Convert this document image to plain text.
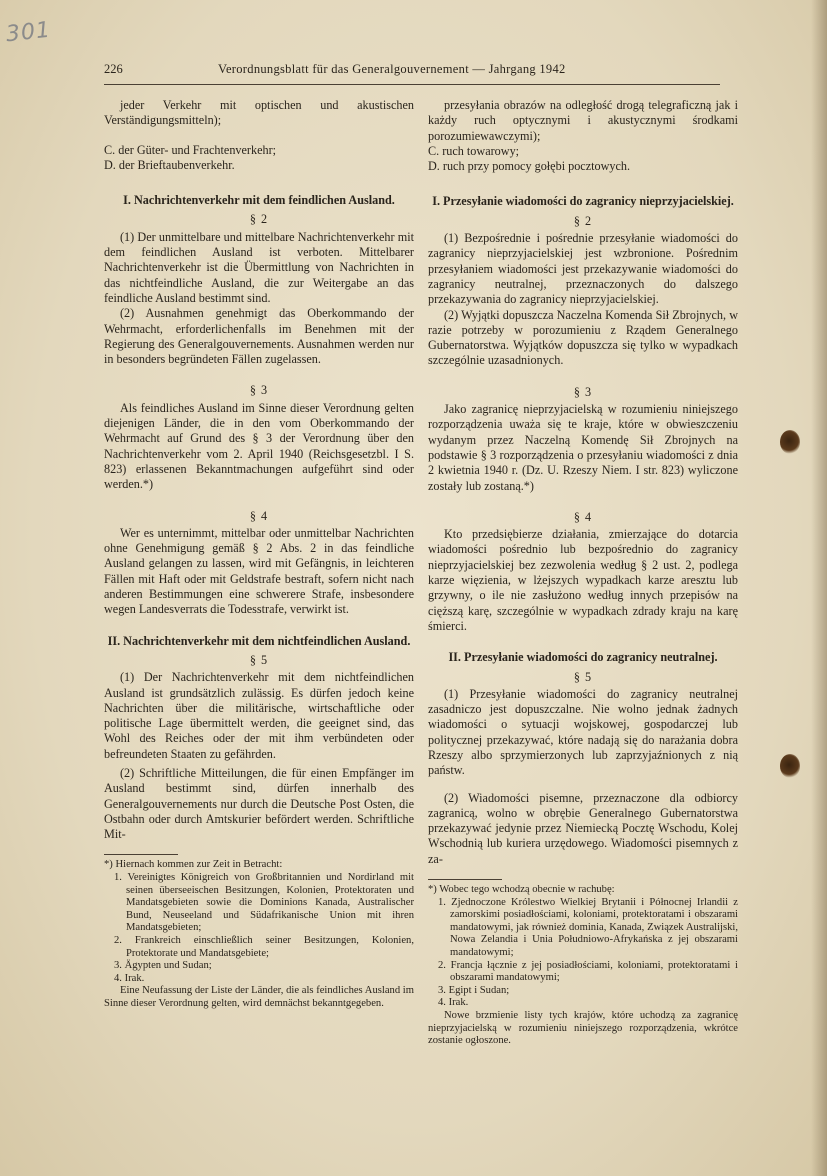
301
226	Verordnungsblatt für das Generalgouvernement — Jahrgang 1942

jeder Verkehr mit optischen und akustischen Verständigungsmitteln);

C. der Güter- und Frachtenverkehr;

D. der Brieftaubenverkehr.

I. Nachrichtenverkehr mit dem feindlichen Ausland.

§ 2

(1) Der unmittelbare und mittelbare Nachrichtenverkehr mit dem feindlichen Ausland ist verboten. Mittelbarer Nachrichtenverkehr ist die Übermittlung von Nachrichten in das nichtfeindliche Ausland, die zur Weitergabe an das feindliche Ausland bestimmt sind.

(2) Ausnahmen genehmigt das Oberkommando der Wehrmacht, erforderlichenfalls im Benehmen mit der Regierung des Generalgouvernements. Ausnahmen werden nur in besonders begründeten Fällen zugelassen.

§ 3

Als feindliches Ausland im Sinne dieser Verordnung gelten diejenigen Länder, die in den vom Oberkommando der Wehrmacht auf Grund des § 3 der Verordnung über den Nachrichtenverkehr vom 2. April 1940 (Reichsgesetzbl. I S. 823) erlassenen Bekanntmachungen aufgeführt sind oder werden.*)

§ 4

Wer es unternimmt, mittelbar oder unmittelbar Nachrichten ohne Genehmigung gemäß § 2 Abs. 2 in das feindliche Ausland gelangen zu lassen, wird mit Gefängnis, in leichteren Fällen mit Haft oder mit Geldstrafe bestraft, sofern nicht nach anderen Bestimmungen eine schwerere Strafe, insbesondere wegen Landesverrats die Todesstrafe, verwirkt ist.

II. Nachrichtenverkehr mit dem nichtfeindlichen Ausland.

§ 5

(1) Der Nachrichtenverkehr mit dem nichtfeindlichen Ausland ist grundsätzlich zulässig. Es dürfen jedoch keine Nachrichten über die militärische, wirtschaftliche oder politische Lage übermittelt werden, die geeignet sind, das Wohl des Reiches oder der mit ihm verbündeten oder befreundeten Staaten zu gefährden.

(2) Schriftliche Mitteilungen, die für einen Empfänger im Ausland bestimmt sind, dürfen innerhalb des Generalgouvernements nur durch die Deutsche Post Osten, die Ostbahn oder durch Amtskurier befördert werden. Schriftliche Mit-

*) Hiernach kommen zur Zeit in Betracht:

1. Vereinigtes Königreich von Großbritannien und Nordirland mit seinen überseeischen Besitzungen, Kolonien, Protektoraten und Mandatsgebieten sowie die Dominions Kanada, Australischer Bund, Neuseeland und Südafrikanische Union mit ihren Mandatsgebieten;

2. Frankreich einschließlich seiner Besitzungen, Kolonien, Protektorate und Mandatsgebiete;

3. Ägypten und Sudan;

4. Irak.

Eine Neufassung der Liste der Länder, die als feindliches Ausland im Sinne dieser Verordnung gelten, wird demnächst bekanntgegeben.

przesyłania obrazów na odległość drogą telegraficzną jak i każdy ruch optycznymi i akustycznymi środkami porozumiewawczymi);

C. ruch towarowy;

D. ruch przy pomocy gołębi pocztowych.

I. Przesyłanie wiadomości do zagranicy nieprzyjacielskiej.

§ 2

(1) Bezpośrednie i pośrednie przesyłanie wiadomości do zagranicy nieprzyjacielskiej jest wzbronione. Pośrednim przesyłaniem wiadomości jest przekazywanie wiadomości do zagranicy neutralnej, przeznaczonych do dalszego przekazywania do zagranicy nieprzyjacielskiej.

(2) Wyjątki dopuszcza Naczelna Komenda Sił Zbrojnych, w razie potrzeby w porozumieniu z Rządem Generalnego Gubernatorstwa. Wyjątków dopuszcza się tylko w wypadkach szczególnie uzasadnionych.

§ 3

Jako zagranicę nieprzyjacielską w rozumieniu niniejszego rozporządzenia uważa się te kraje, które w obwieszczeniu wydanym przez Naczelną Komendę Sił Zbrojnych na podstawie § 3 rozporządzenia o przesyłaniu wiadomości z dnia 2 kwietnia 1940 r. (Dz. U. Rzeszy Niem. I str. 823) wyliczone zostały lub zostaną.*)

§ 4

Kto przedsiębierze działania, zmierzające do dotarcia wiadomości pośrednio lub bezpośrednio do zagranicy nieprzyjacielskiej bez zezwolenia według § 2 ust. 2, podlega karze więzienia, w lżejszych wypadkach karze aresztu lub grzywny, o ile nie zasłużono według innych przepisów na cięższą karę, szczególnie w wypadkach zdrady kraju na karę śmierci.

II. Przesyłanie wiadomości do zagranicy neutralnej.

§ 5

(1) Przesyłanie wiadomości do zagranicy neutralnej zasadniczo jest dopuszczalne. Nie wolno jednak żadnych wiadomości o sytuacji wojskowej, gospodarczej lub politycznej przekazywać, które nadają się do narażania dobra Rzeszy albo sprzymierzonych lub zaprzyjaźnionych z nią państw.

(2) Wiadomości pisemne, przeznaczone dla odbiorcy zagranicą, wolno w obrębie Generalnego Gubernatorstwa przekazywać jedynie przez Niemiecką Pocztę Wschodu, Kolej Wschodnią lub kuriera urzędowego. Wiadomości pisemnych z za-

*) Wobec tego wchodzą obecnie w rachubę:

1. Zjednoczone Królestwo Wielkiej Brytanii i Północnej Irlandii z zamorskimi posiadłościami, koloniami, protektoratami i obszarami mandatowymi, jak również dominia, Kanada, Związek Australijski, Nowa Zelandia i Unia Południowo-Afrykańska z jej obszarami mandatowymi;

2. Francja łącznie z jej posiadłościami, koloniami, protektoratami i obszarami mandatowymi;

3. Egipt i Sudan;

4. Irak.

Nowe brzmienie listy tych krajów, które uchodzą za zagranicę nieprzyjacielską w rozumieniu niniejszego rozporządzenia, wkrótce zostanie ogłoszone.
